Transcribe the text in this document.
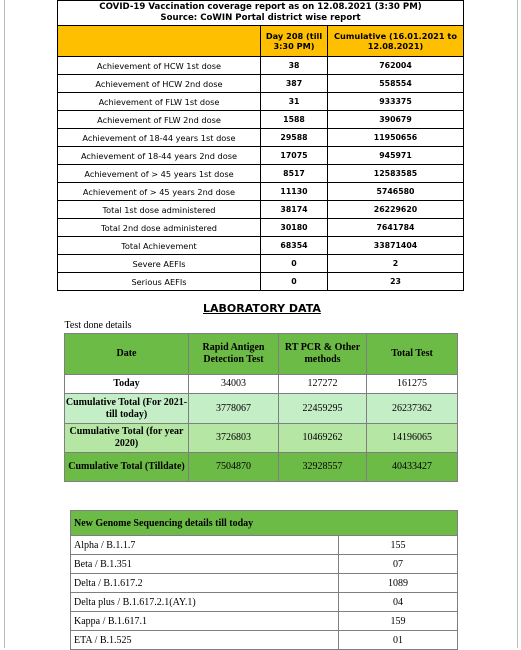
COVID-19 Vaccination coverage report as on 12.08.2021 (3:30 PM)
Source: CoWIN Portal district wise report		

	Day 208 (till 3:30 PM)	Cumulative (16.01.2021 to 12.08.2021)
Achievement of HCW 1st dose	38	762004
Achievement of HCW 2nd dose	387	558554
Achievement of FLW 1st dose	31	933375
Achievement of FLW 2nd dose	1588	390679
Achievement of 18-44 years 1st dose	29588	11950656
Achievement of 18-44 years 2nd dose	17075	945971
Achievement of > 45 years 1st dose	8517	12583585
Achievement of > 45 years 2nd dose	11130	5746580
Total 1st dose administered	38174	26229620
Total 2nd dose administered	30180	7641784
Total Achievement	68354	33871404
Severe AEFIs	0	2
Serious AEFIs	0	23
LABORATORY DATA
Test done details			
Date	Rapid Antigen Detection Test	RT PCR & Other methods	Total Test
Today	34003	127272	161275
Cumulative Total (For 2021- till today)	3778067	22459295	26237362
Cumulative Total (for year 2020)	3726803	10469262	14196065
Cumulative Total (Tilldate)	7504870	32928557	40433427
New Genome Sequencing details till today	
Alpha / B.1.1.7	155
Beta / B.1.351	07
Delta / B.1.617.2	1089
Delta plus / B.1.617.2.1(AY.1)	04
Kappa / B.1.617.1	159
ETA / B.1.525	01
